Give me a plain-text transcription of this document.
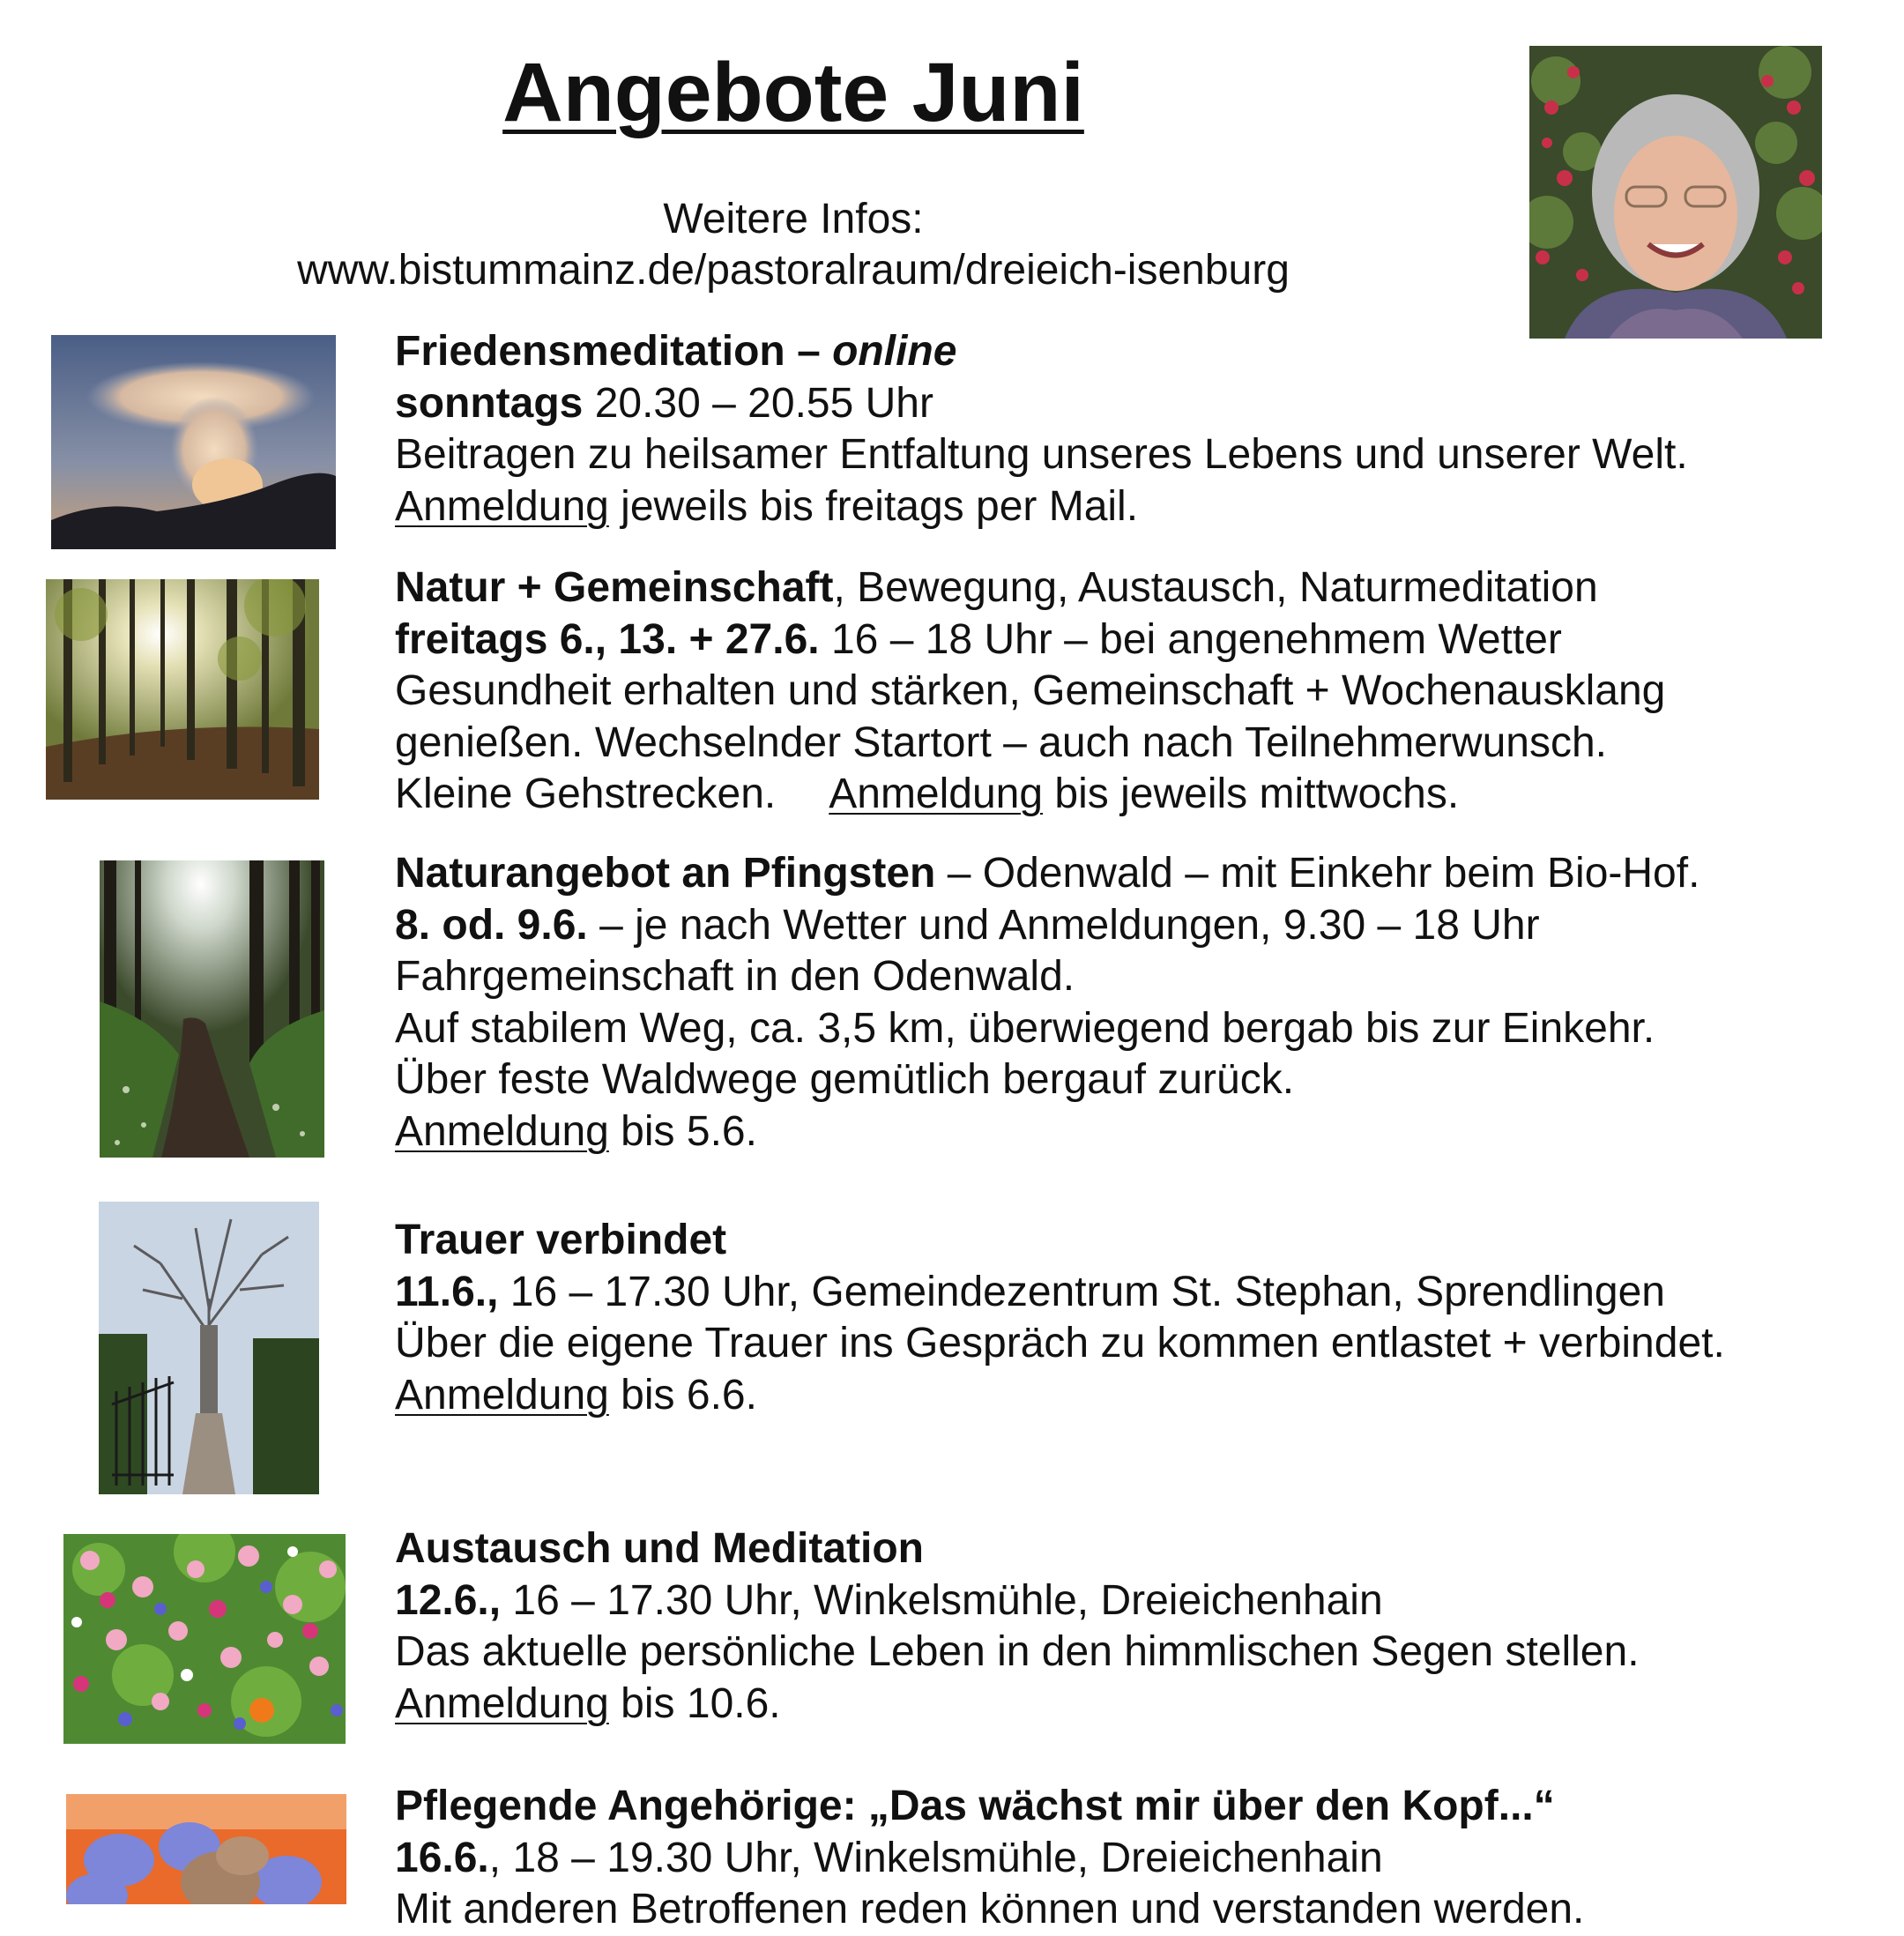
Angebote Juni
Weitere Infos:
www.bistummainz.de/pastoralraum/dreieich-isenburg
Friedensmeditation – online
sonntags 20.30 – 20.55 Uhr
Beitragen zu heilsamer Entfaltung unseres Lebens und unserer Welt.
Anmeldung jeweils bis freitags per Mail.
Natur + Gemeinschaft, Bewegung, Austausch, Naturmeditation
freitags 6., 13. + 27.6. 16 – 18 Uhr – bei angenehmem Wetter
Gesundheit erhalten und stärken, Gemeinschaft + Wochenausklang
genießen. Wechselnder Startort – auch nach Teilnehmerwunsch.
Kleine Gehstrecken. Anmeldung bis jeweils mittwochs.
Naturangebot an Pfingsten – Odenwald – mit Einkehr beim Bio-Hof.
8. od. 9.6. – je nach Wetter und Anmeldungen, 9.30 – 18 Uhr
Fahrgemeinschaft in den Odenwald.
Auf stabilem Weg, ca. 3,5 km, überwiegend bergab bis zur Einkehr.
Über feste Waldwege gemütlich bergauf zurück.
Anmeldung bis 5.6.
Trauer verbindet
11.6., 16 – 17.30 Uhr, Gemeindezentrum St. Stephan, Sprendlingen
Über die eigene Trauer ins Gespräch zu kommen entlastet + verbindet.
Anmeldung bis 6.6.
Austausch und Meditation
12.6., 16 – 17.30 Uhr, Winkelsmühle, Dreieichenhain
Das aktuelle persönliche Leben in den himmlischen Segen stellen.
Anmeldung bis 10.6.
Pflegende Angehörige: „Das wächst mir über den Kopf...“
16.6., 18 – 19.30 Uhr, Winkelsmühle, Dreieichenhain
Mit anderen Betroffenen reden können und verstanden werden.
